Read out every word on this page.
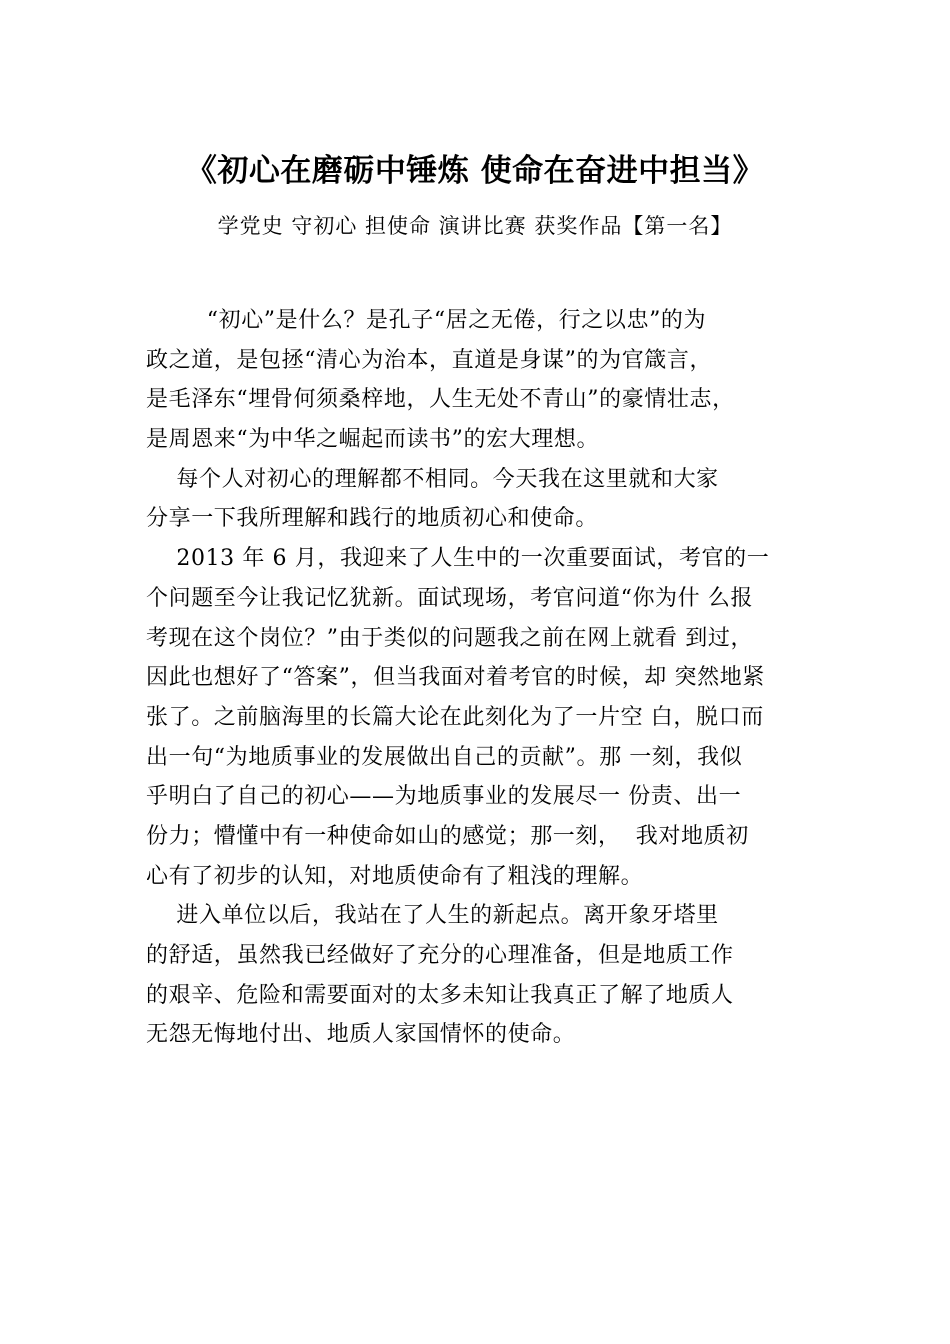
《初心在磨砺中锤炼 使命在奋进中担当》
学党史 守初心 担使命 演讲比赛 获奖作品【第一名】
“初心”是什么？是孔子“居之无倦，行之以忠”的为
政之道，是包拯“清心为治本，直道是身谋”的为官箴言，
是毛泽东“埋骨何须桑梓地，人生无处不青山”的豪情壮志，
是周恩来“为中华之崛起而读书”的宏大理想。
每个人对初心的理解都不相同。今天我在这里就和大家
分享一下我所理解和践行的地质初心和使命。
2013 年 6 月，我迎来了人生中的一次重要面试，考官的一
个问题至今让我记忆犹新。面试现场，考官问道“你为什 么报
考现在这个岗位？”由于类似的问题我之前在网上就看 到过，
因此也想好了“答案”，但当我面对着考官的时候，却 突然地紧
张了。之前脑海里的长篇大论在此刻化为了一片空 白，脱口而
出一句“为地质事业的发展做出自己的贡献”。那 一刻，我似
乎明白了自己的初心——为地质事业的发展尽一 份责、出一
份力；懵懂中有一种使命如山的感觉；那一刻，  我对地质初
心有了初步的认知，对地质使命有了粗浅的理解。
进入单位以后，我站在了人生的新起点。离开象牙塔里
的舒适，虽然我已经做好了充分的心理准备，但是地质工作
的艰辛、危险和需要面对的太多未知让我真正了解了地质人
无怨无悔地付出、地质人家国情怀的使命。
